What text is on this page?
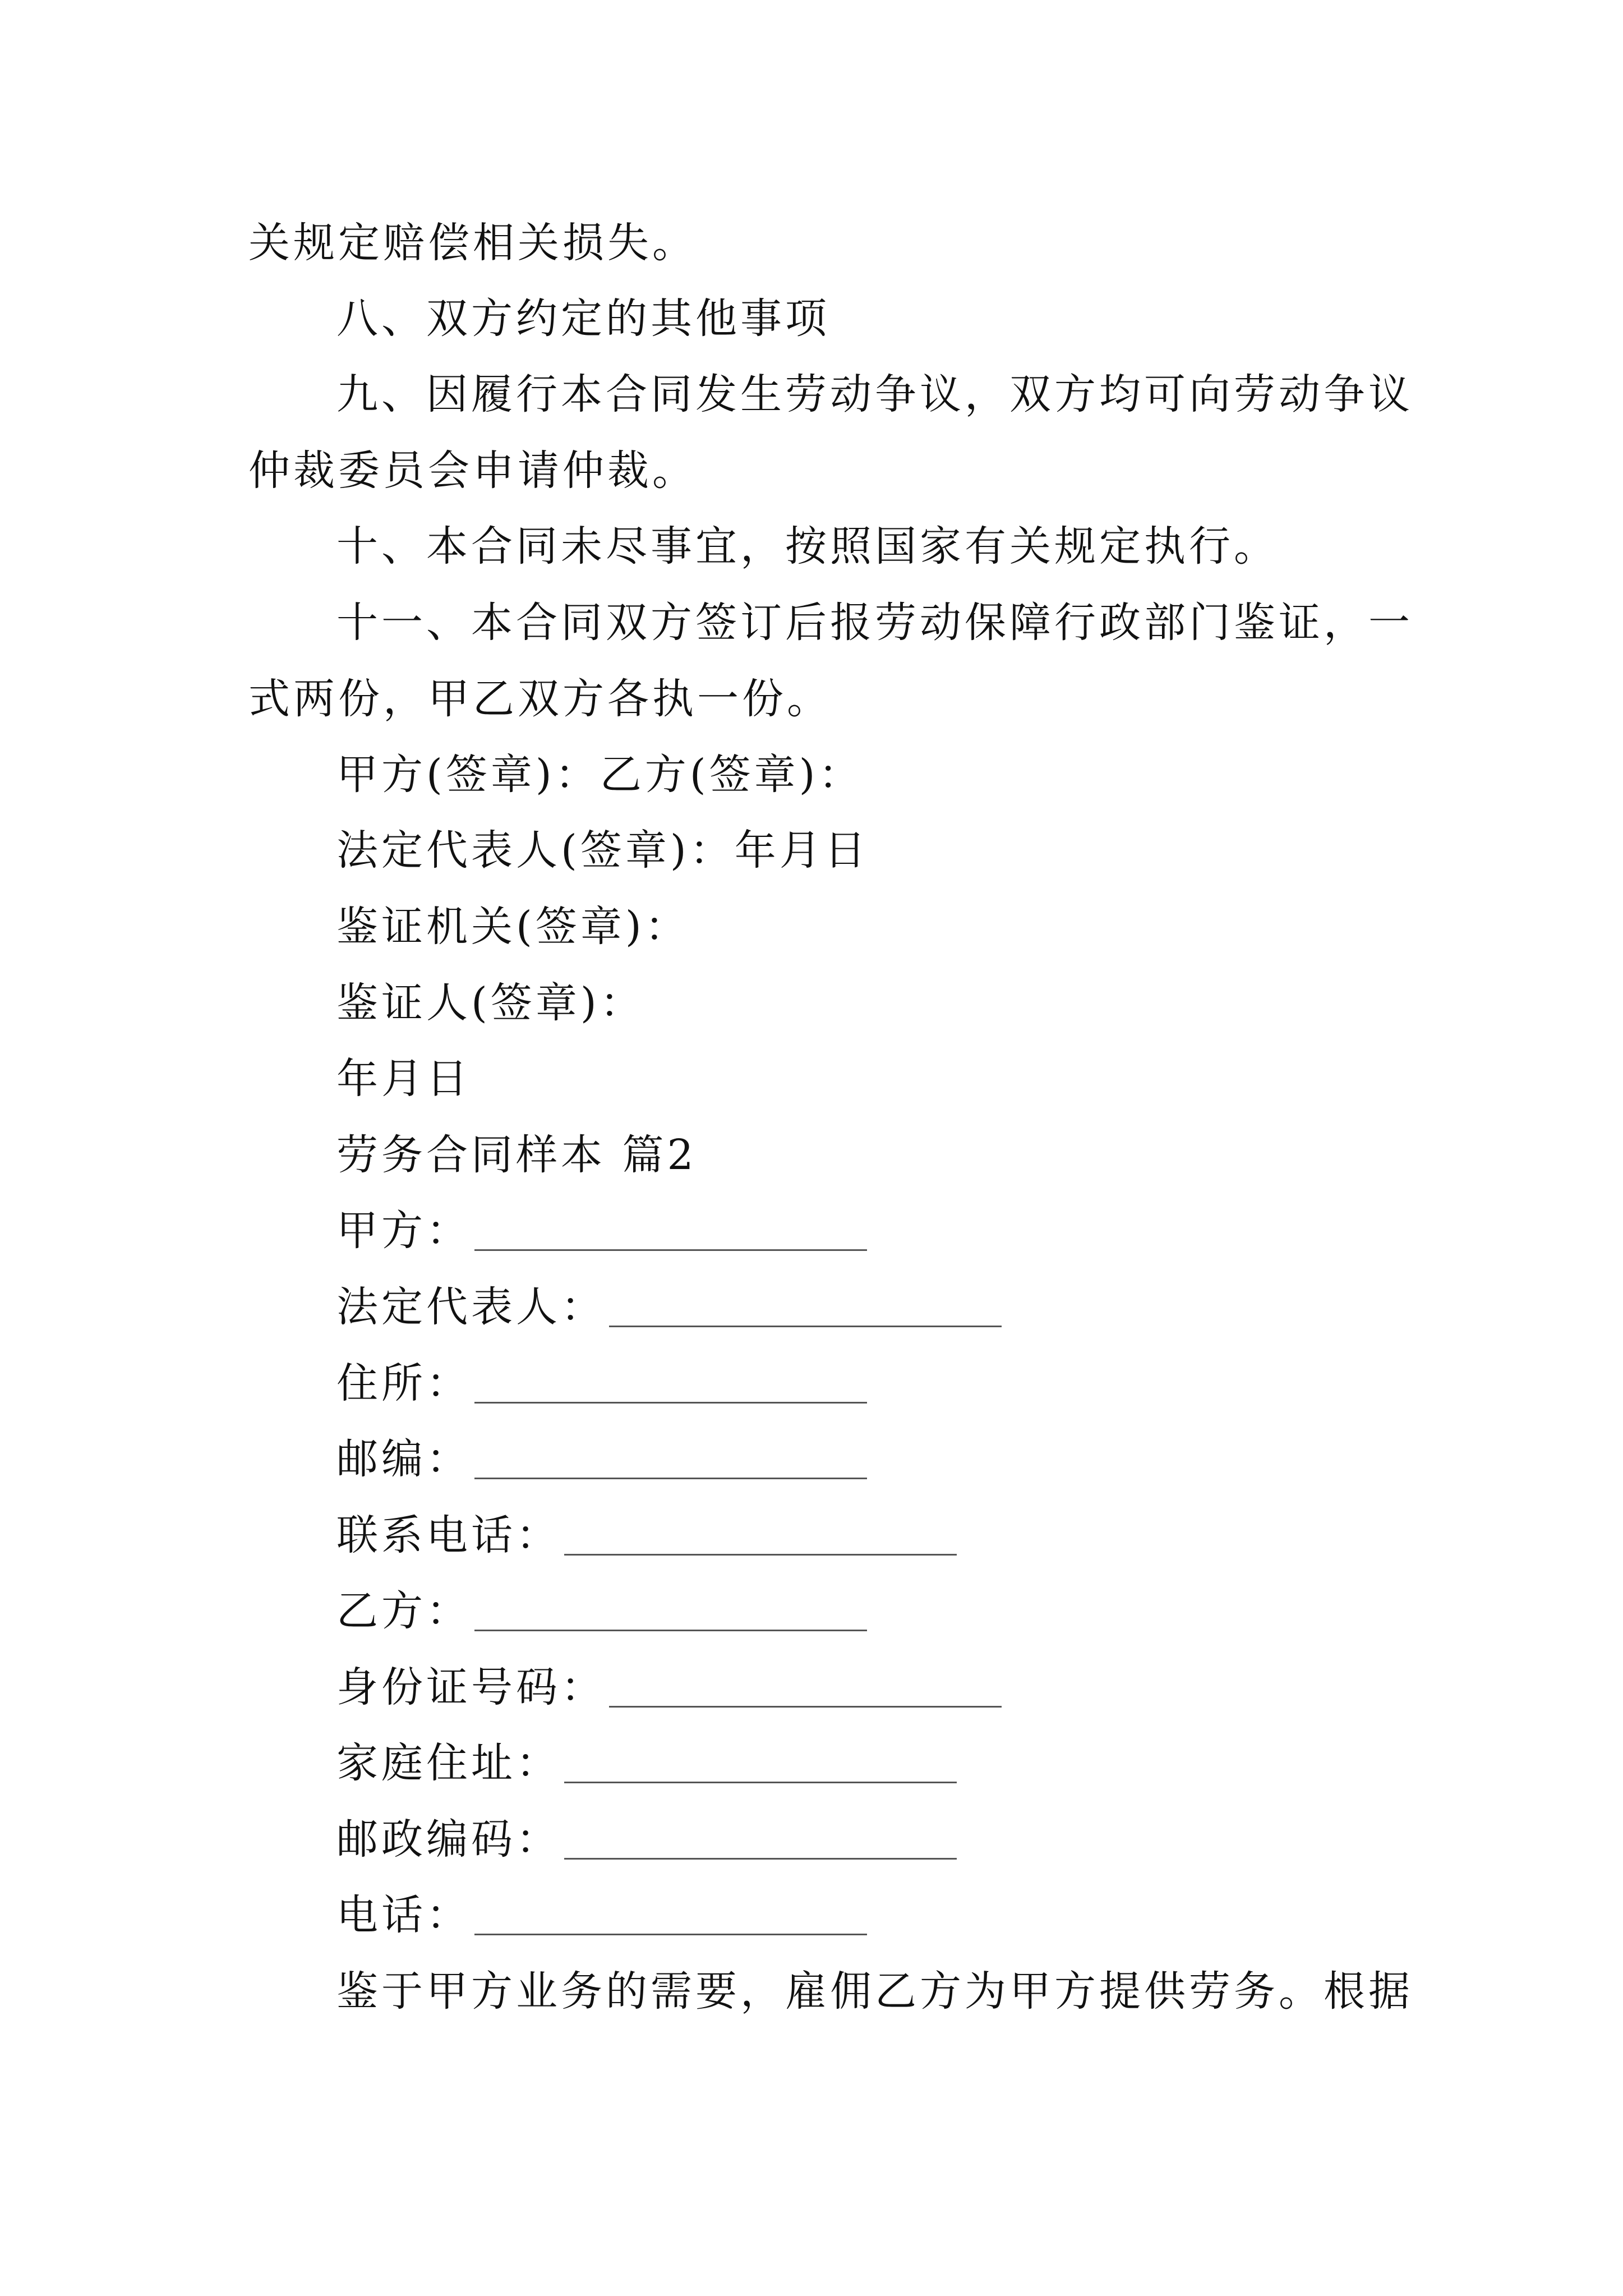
关规定赔偿相关损失。
八、双方约定的其他事项
九、因履行本合同发生劳动争议，双方均可向劳动争议
仲裁委员会申请仲裁。
十、本合同未尽事宜，按照国家有关规定执行。
十一、本合同双方签订后报劳动保障行政部门鉴证，一
式两份，甲乙双方各执一份。
甲方(签章)：乙方(签章)：
法定代表人(签章)：年月日
鉴证机关(签章)：
鉴证人(签章)：
年月日
劳务合同样本 篇2
甲方：
法定代表人：
住所：
邮编：
联系电话：
乙方：
身份证号码：
家庭住址：
邮政编码：
电话：
鉴于甲方业务的需要，雇佣乙方为甲方提供劳务。根据
